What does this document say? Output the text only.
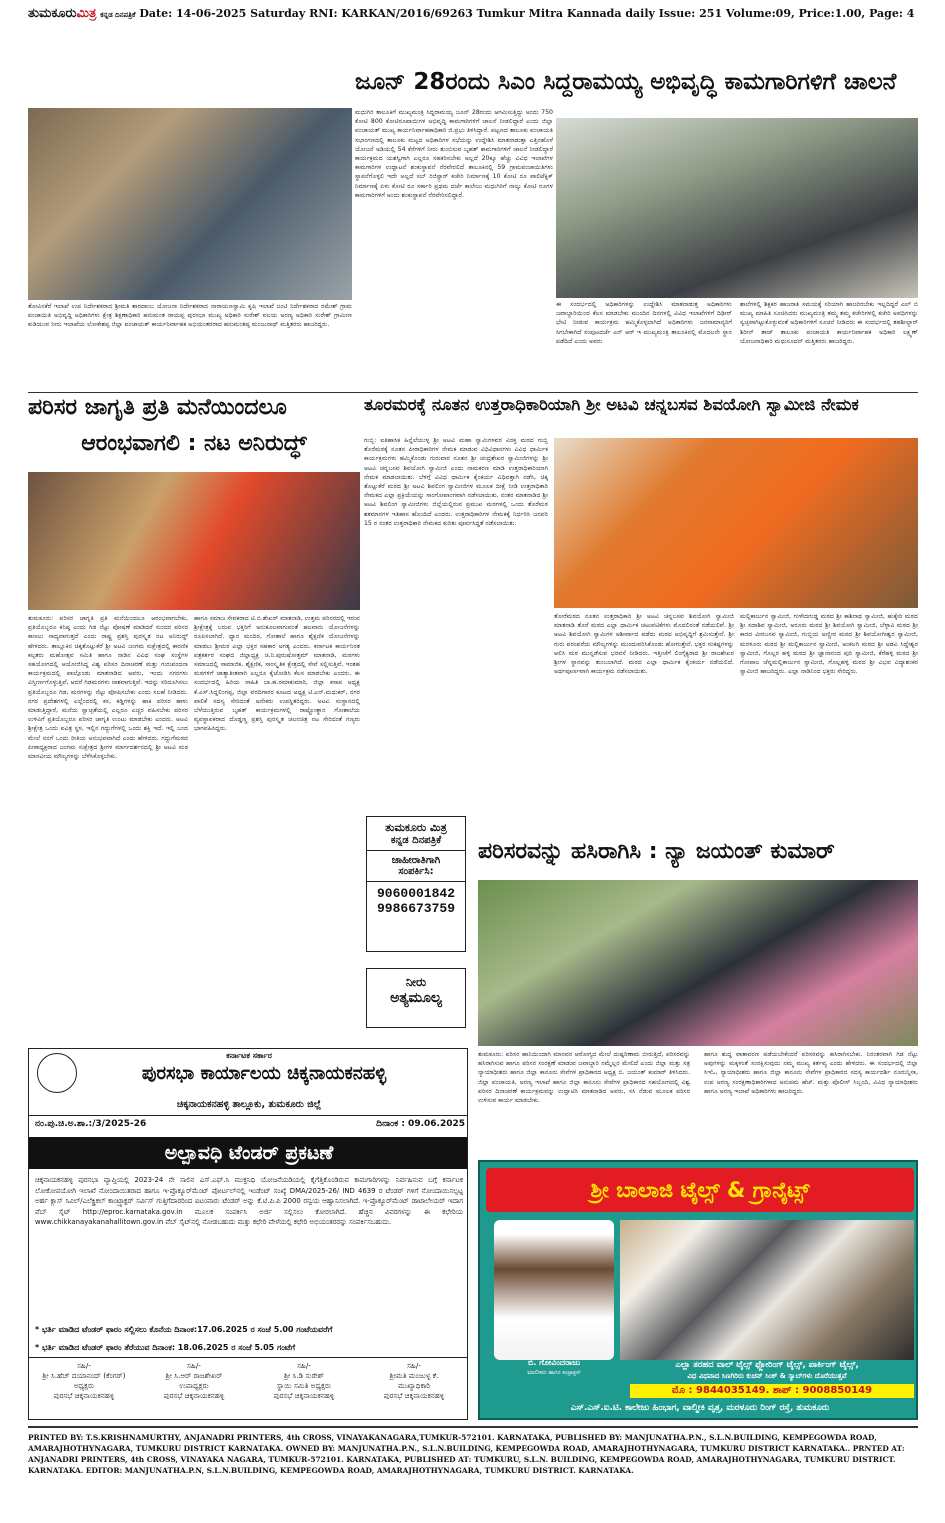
ತುಮಕೂರುಮಿತ್ರ ಕನ್ನಡ ದಿನಪತ್ರಿಕೆ Date: 14-06-2025 Saturday RNI: KARKAN/2016/69263 Tumkur Mitra Kannada daily Issue: 251 Volume:09, Price:1.00, Page: 4
ಜೂನ್ 28ರಂದು ಸಿಎಂ ಸಿದ್ದರಾಮಯ್ಯ ಅಭಿವೃದ್ಧಿ ಕಾಮಗಾರಿಗಳಿಗೆ ಚಾಲನೆ
ತೋವಿನಕೆರೆ ಇಲಾಖೆ ಉಪ ನಿರ್ದೇಶಕರಾದ ಶ್ರೀಮತಿ ಶಾರದಾಂಬ ಯೋಜನಾ ನಿರ್ದೇಶಕರಾದ ನಾರಾಯಣಸ್ವಾಮಿ ಕೃಷಿ ಇಲಾಖೆ ಜಂಟಿ ನಿರ್ದೇಶಕರಾದ ರಮೇಶ್ ಗ್ರಾಮ ಪಂಚಾಯಿತಿ ಅಭಿವೃದ್ಧಿ ಅಧಿಕಾರಿಗಳು ಕ್ಷೇತ್ರ ಶಿಕ್ಷಣಾಧಿಕಾರಿ ಹನುಮಂತ ರಾಯಪ್ಪ ಪುರಸಭಾ ಮುಖ್ಯ ಅಧಿಕಾರಿ ಸುರೇಶ್ ವಲಯ ಅರಣ್ಯ ಅಧಿಕಾರಿ ಸುರೇಶ್ ಗ್ರಾಮೀಣ ಕುಡಿಯುವ ನೀರು ಇಲಾಖೆಯ ಲೋಕೇಶಪ್ಪ ಜಿಲ್ಲಾ ಪಂಚಾಯತ್ ಕಾರ್ಯನಿರ್ವಾಹಕ ಅಭಿಯಂತರರಾದ ಹನುಮಂತಪ್ಪ ಮಂಜುನಾಥ್ ಮತ್ತಿತರರು ಹಾಜರಿದ್ದರು.
ಮಧುಗಿರಿ ತಾಲೂಕಿಗೆ ಮುಖ್ಯಮಂತ್ರಿ ಸಿದ್ದರಾಮಯ್ಯ ಜೂನ್ 28ರಂದು ಆಗಮಿಸುತ್ತಿದ್ದು ಅಂದು 750 ಕೋಟಿ 800 ಕೋಟಿರೂಪಾಯಿಗಳ ಅಭಿವೃದ್ಧಿ ಕಾಮಗಾರಿಗಳಿಗೆ ಚಾಲನೆ ನೀಡಲಿದ್ದಾರೆ ಎಂದು ಜಿಲ್ಲಾ ಪಂಚಾಯತ್ ಮುಖ್ಯ ಕಾರ್ಯನಿರ್ವಾಹಕಾಧಿಕಾರಿ ಜಿ.ಪ್ರಭು ತಿಳಿಸಿದ್ದಾರೆ. ಪಟ್ಟಣದ ತಾಲೂಕು ಪಂಚಾಯತಿ ಸಭಾಂಗಣದಲ್ಲಿ ತಾಲೂಕು ಮಟ್ಟದ ಅಧಿಕಾರಿಗಳ ಸಭೆಯನ್ನು ಉದ್ದೇಶಿಸಿ ಮಾತನಾಡುತ್ತಾ ಎತ್ತಿನಹೊಳೆ ಯೋಜನೆ ಅಡಿಯಲ್ಲಿ 54 ಕೆರೆಗಳಿಗೆ ನೀರು ತುಂಬಿಸುವ ಬೃಹತ್ ಕಾಮಗಾರಿಗಳಿಗೆ ಚಾಲನೆ ನೀಡಲಿದ್ದಾರೆ ಕಾರ್ಯಕ್ರಮದ ಯಶಸ್ವಿಗಾಗಿ ಎಲ್ಲರೂ ಸಹಕರಿಸಬೇಕು ಅಲ್ಲದೆ 20ಕ್ಕೂ ಹೆಚ್ಚು ವಿವಿಧ ಇಲಾಖೆಗಳ ಕಾಮಗಾರಿಗಳ ಉದ್ಘಾಟನೆ ಶಂಕುಸ್ಥಾಪನೆ ನೆರವೇರಲಿದೆ ತಾಲೂಕಿನಲ್ಲಿ 59 ಗ್ರಾಮಪಂಚಾಯಿತಿಗಳು ಸ್ಥಾಪನೆಗೊಳ್ಳಲಿ ಇದೇ ಅಲ್ಲದೆ ಸಬ್ ರಿಜಿಸ್ಟ್ರಾರ್ ಕಚೇರಿ ನಿರ್ಮಾಣಕ್ಕೆ 10 ಕೋಟಿ ರೂ ಪಾಲಿಟೆಕ್ನಿಕ್ ನಿರ್ಮಾಣಕ್ಕೆ ಏಳು ಕೋಟಿ ರೂ ಸರ್ಕಾರಿ ಪ್ರಥಮ ದರ್ಜೆ ಕಾಲೇಜು ಮಧುಗಿರಿಗೆ ನಾಲ್ಕು ಕೋಟಿ ರೂಗಳ ಕಾಮಗಾರಿಗಳಿಗೆ ಅಂದು ಶಂಕುಸ್ಥಾಪನೆ ನೆರವೇರಿಸಲಿದ್ದಾರೆ.
ಈ ಸಂದರ್ಭದಲ್ಲಿ ಅಧಿಕಾರಿಗಳನ್ನು ಉದ್ದೇಶಿಸಿ ಮಾತನಾಡುತ್ತ ಅಧಿಕಾರಿಗಳು ಜವಾಬ್ದಾರಿಯಿಂದ ಕೆಲಸ ಮಾಡಬೇಕು ಮುಂದಿನ ದಿನಗಳಲ್ಲಿ ವಿವಿಧ ಇಲಾಖೆಗಳಿಗೆ ದಿಢೀರ್ ಭೇಟಿ ನೀಡುವ ಕಾರ್ಯಕ್ರಮ ಹಮ್ಮಿಕೊಳ್ಳಲಾಗಿದೆ ಅಧಿಕಾರಿಗಳು ಜನಸಾಮಾನ್ಯರಿಗೆ ಸಿಗಬೇಕಾಗಿದೆ ಸಂಪುಟದರ್ಜೆ ಎನ್ ಆರ್ ಇ ಮುಖ್ಯಮಂತ್ರಿ ತಾಲೂಕಿನಲ್ಲಿ ಮೊದಲನೇ ಸ್ಥಾನ ಪಡೆದಿದೆ ಎಂದು ಅವರು
ಶಾಲೆಗಳಲ್ಲಿ ಶಿಕ್ಷಕರ ಹಾಜರಾತಿ ಸಮಯಕ್ಕೆ ಸರಿಯಾಗಿ ಹಾಜರಿರಬೇಕು ಇಲ್ಲದಿದ್ದರೆ ಎಲ್ ಬಿ ಮುಖ್ಯ ಮಾಹಿತಿ ಸೂಚಿಸಿದರು ಮುಖ್ಯಮಂತ್ರಿ ತಮ್ಮ ತಮ್ಮ ಕಚೇರಿಗಳಲ್ಲಿ ಕಚೇರಿ ಅವಧಿಗಳನ್ನು ಸ್ವಚ್ಛವಾಗಿಟ್ಟುಕೊಳ್ಳುವಂತೆ ಅಧಿಕಾರಿಗಳಿಗೆ ಸೂಚನೆ ನೀಡಿದರು ಈ ಸಂದರ್ಭದಲ್ಲಿ ತಹಶೀಲ್ದಾರ್ ಶಿರೀನ್ ತಾಜ್ ತಾಲೂಕು ಪಂಚಾಯತಿ ಕಾರ್ಯನಿರ್ವಾಹಕ ಅಧಿಕಾರಿ ಲಕ್ಷ್ಮಣ್ ಯೋಜನಾಧಿಕಾರಿ ಮಧುಸೂದನ್ ಮತ್ತಿತರರು ಹಾಜರಿದ್ದರು.
ಪರಿಸರ ಜಾಗೃತಿ ಪ್ರತಿ ಮನೆಯಿಂದಲೂ
ಆರಂಭವಾಗಲಿ : ನಟ ಅನಿರುದ್ಧ್
ತುಮಕೂರು: ಪರಿಸರ ಜಾಗೃತಿ ಪ್ರತಿ ಮನೆಯಿಂದಲೂ ಆರಂಭವಾಗಬೇಕು, ಪ್ರತಿಯೊಬ್ಬರೂ ಕನಿಷ್ಠ ಎಂದು ಗಿಡ ನೆಟ್ಟು ಪೋಷಣೆ ಮಾಡಿದರೆ ಸುಂದರ ಪರಿಸರ ಕಾಣಲು ಸಾಧ್ಯವಾಗುತ್ತದೆ ಎಂದು ರಾಷ್ಟ್ರ ಪ್ರಶಸ್ತಿ ಪುರಸ್ಕೃತ ನಟ ಅನಿರುದ್ಧ್ ಹೇಳಿದರು. ತಾಲ್ಲೂಕಿನ ಚಿಕ್ಕತೊಟ್ಲುಕೆರೆ ಶ್ರೀ ಅಟವಿ ಜಂಗಮ ಸುಕ್ಷೇತ್ರದಲ್ಲಿ ಕಾರಣಿಕ ಕಲ್ಪತರು ಮಹೋತ್ಸವ ಸಮಿತಿ ಹಾಗೂ ನಾಡಿನ ವಿವಿಧ ಸಂಘ ಸಂಸ್ಥೆಗಳ ಸಹಯೋಗದಲ್ಲಿ ಆಯೋಜಿಸಿದ್ದ ವಿಶ್ವ ಪರಿಸರ ದಿನಾಚರಣೆ ಮತ್ತು ಗುರುವಂದನಾ ಕಾರ್ಯಕ್ರಮದಲ್ಲಿ ಪಾಲ್ಗೊಂಡು ಮಾತನಾಡಿದ ಅವರು, ಇಂದು ನಗರಗಳು ವಿಸ್ತೀರ್ಣಗೊಳ್ಳುತ್ತಿವೆ, ಆದರೆ ಗಿಡಮರಗಳು ನಾಶವಾಗುತ್ತಿವೆ. ಇದನ್ನು ಸರಿದೂಗಿಸಲು ಪ್ರತಿಯೊಬ್ಬರೂ ಗಿಡ, ಮರಗಳನ್ನು ನೆಟ್ಟು ಪೋಷಿಸಬೇಕು ಎಂದು ಸಲಹೆ ನೀಡಿದರು. ನಗರ ಪ್ರದೇಶಗಳಲ್ಲಿ ಎಲ್ಲೆಂದರಲ್ಲಿ ಕಸ, ಕಡ್ಡಿಗಳನ್ನು ಹಾಕಿ ಪರಿಸರ ಹಾಳು ಮಾಡುತ್ತಿದ್ದಾರೆ, ಮನೆಯ ಸ್ವಾಚ್ಛತೆಯಲ್ಲಿ ಎಲ್ಲರೂ ಎಚ್ಚರ ವಹಿಸಬೇಕು ಪರಿಸರ ಉಳಿವಿಗೆ ಪ್ರತಿಯೊಬ್ಬರೂ ಪರಿಸರ ಜಾಗೃತಿ ಉಂಟು ಮಾಡಬೇಕು ಎಂದರು. ಅಟವಿ ಶ್ರೀಕ್ಷೇತ್ರ ಒಂದು ಪವಿತ್ರ ಸ್ಥಳ, ಇಲ್ಲಿನ ಗದ್ದುಗೆಗಳಲ್ಲಿ ಒಂದು ಶಕ್ತಿ ಇದೆ. ಇಲ್ಲಿ ಬಂದ ಮೇಲೆ ನನಗೆ ಒಂದು ರೀತಿಯ ಅನುಭವವಾಗಿದೆ ಎಂದು ಹೇಳಿದರು. ಗದ್ದುಗೆಮಠದ ಪೀಠಾಧ್ಯಕ್ಷರಾದ ಜಂಗಮ ಸುಕ್ಷೇತ್ರದ ಶ್ರೀಗಳ ಮಾರ್ಗದರ್ಶನದಲ್ಲಿ ಶ್ರೀ ಅಟವಿ ಮಠ ಮಾನವೀಯ ಮೌಲ್ಯಗಳನ್ನು ಬೆಳೆಸಿಕೊಳ್ಳಬೇಕು.
ಹಾಗೂ ಸಮಾಜ ಸೇವಕರಾದ ಟಿ.ಬಿ.ಶೇಖರ್ ಮಾತನಾಡಿ, ಉತ್ತಮ ಪರಿಸರದಲ್ಲಿ ಇರುವ ಶ್ರೀಕ್ಷೇತ್ರಕ್ಕೆ ಬರುವ ಭಕ್ತರಿಗೆ ಅನುಕೂಲವಾಗುವಂತೆ ಹಲವಾರು ಯೋಜನೆಗಳನ್ನು ರೂಪಿಸಲಾಗಿದೆ. ಧ್ಯಾನ ಮಂದಿರ, ಗೋಶಾಲೆ ಹಾಗೂ ಶೈಕ್ಷಣಿಕ ಯೋಜನೆಗಳನ್ನು ಮಾಡಲು ಶ್ರೀಮಠ ಎಲ್ಲಾ ಭಕ್ತರ ಸಹಕಾರ ಅಗತ್ಯ ಎಂದರು. ಕರ್ನಾಟಕ ಕಾರ್ಯನಿರತ ಪತ್ರಕರ್ತರ ಸಂಘದ ಜಿಲ್ಲಾಧ್ಯಕ್ಷ ಚಿ.ನಿ.ಪುರುಷೋತ್ತಮ್ ಮಾತನಾಡಿ, ಮಠಗಳು ಸಮಾಜದಲ್ಲಿ ಸಾಮಾಜಿಕ, ಶೈಕ್ಷಣಿಕ, ಸಾಂಸ್ಕೃತಿಕ ಕ್ಷೇತ್ರದಲ್ಲಿ ಸೇವೆ ಸಲ್ಲಿಸುತ್ತಿವೆ, ಇಂತಹ ಮಠಗಳಿಗೆ ಜಾತ್ಯಾತೀತವಾಗಿ ಎಲ್ಲರೂ ಕೈಜೋಡಿಸಿ ಕೆಲಸ ಮಾಡಬೇಕು ಎಂದರು. ಈ ಸಂದರ್ಭದಲ್ಲಿ ಹಿರಿಯ ಸಾಹಿತಿ ಬಾ.ಹ.ರಮಾಕುಮಾರಿ, ಜಿಲ್ಲಾ ಕಸಾಪ ಅಧ್ಯಕ್ಷ ಕೆ.ಎಸ್.ಸಿದ್ದಲಿಂಗಪ್ಪ, ಜಿಲ್ಲಾ ವರದಿಗಾರರ ಕೂಟದ ಅಧ್ಯಕ್ಷ ಟಿ.ಎನ್.ಮಧುಕರ್, ನಗರ ಪಾಲಿಕೆ ಸದಸ್ಯ ಸೇರಿದಂತೆ ಅನೇಕರು ಉಪಸ್ಥಿತರಿದ್ದರು. ಅಟವಿ ಸಂಸ್ಥಾನದಲ್ಲಿ ಬೆಳೆಯುತ್ತಿರುವ ಬೃಹತ್ ಕಾರ್ಯಕ್ರಮಗಳಲ್ಲಿ ರಾಷ್ಟ್ರೋತ್ಥಾನ ಗೋಶಾಲೆಯ ವ್ಯವಸ್ಥಾಪಕರಾದ ದೊಡ್ಡಣ್ಣ ಪ್ರಶಸ್ತಿ ಪುರಸ್ಕೃತ ಚಲನಚಿತ್ರ ನಟ ಸೇರಿದಂತೆ ಗಣ್ಯರು ಭಾಗವಹಿಸಿದ್ದರು.
ತೂರಮರಕ್ಕೆ ನೂತನ ಉತ್ತರಾಧಿಕಾರಿಯಾಗಿ ಶ್ರೀ ಅಟವಿ ಚನ್ನಬಸವ ಶಿವಯೋಗಿ ಸ್ವಾಮೀಜಿ ನೇಮಕ
ಗುಬ್ಬಿ: ಐತಿಹಾಸಿಕ ಹಿನ್ನೆಲೆಯುಳ್ಳ ಶ್ರೀ ಅಟವಿ ಮಹಾ ಸ್ವಾಮಿಗಳವರ ವಿರಕ್ತ ಮಠದ ಗುಬ್ಬಿ ತೊರೆಮಠಕ್ಕೆ ನೂತನ ಪೀಠಾಧಿಕಾರಿಗಳ ನೇಮಕ ಮಾಡುವ ವಿಧಿವಿಧಾನಗಳು ವಿವಿಧ ಧಾರ್ಮಿಕ ಕಾರ್ಯಕ್ರಮಗಳು ಹಮ್ಮಿಕೊಂಡು ಗುರುವಾರ ನೂತನ ಶ್ರೀ ಚಂದ್ರಶೇಖರ ಸ್ವಾಮೀಜಿಗಳನ್ನು ಶ್ರೀ ಅಟವಿ ಚನ್ನಬಸವ ಶಿವಯೋಗಿ ಸ್ವಾಮೀಜಿ ಎಂದು ನಾಮಕರಣ ಮಾಡಿ ಉತ್ತರಾಧಿಕಾರಿಯಾಗಿ ನೇಮಕ ಮಾಡಲಾಯಿತು. ಬೆಳಿಗ್ಗೆ ವಿವಿಧ ಧಾರ್ಮಿಕ ಕೈಂಕರ್ಯ ವಿಧಿವತ್ತಾಗಿ ನಡೆಸಿ, ಚಿಕ್ಕ ತೊಟ್ಲುಕೆರೆ ಮಠದ ಶ್ರೀ ಅಟವಿ ಶಿವಲಿಂಗ ಸ್ವಾಮೀಜಿಗಳ ಮೂಲಕ ದೀಕ್ಷೆ ನೀಡಿ ಉತ್ತರಾಧಿಕಾರಿ ನೇಮಕದ ಎಲ್ಲಾ ಪ್ರಕ್ರಿಯೆಯನ್ನು ಸಾಂಗೋಪಾಂಗವಾಗಿ ನಡೆಸಲಾಯಿತು. ನಂತರ ಮಾತನಾಡಿದ ಶ್ರೀ ಅಟವಿ ಶಿವಲಿಂಗ ಸ್ವಾಮೀಜಿಗಳು ಜಿಲ್ಲೆಯಲ್ಲಿರುವ ಪ್ರಮುಖ ಮಠಗಳಲ್ಲಿ ಒಂದು ತೊರೆಮಠ ಶತಮಾನಗಳ ಇತಿಹಾಸ ಹೊಂದಿದೆ ಎಂದರು. ಉತ್ತರಾಧಿಕಾರಿಗಳ ನೇಮಕಕ್ಕೆ ನಿರ್ಧರಿಸಿ ಜನವರಿ 15 ರ ನಂತರ ಉತ್ತರಾಧಿಕಾರಿ ನೇಮಕದ ಕುರಿತು ಪೂರ್ವಸಿದ್ಧತೆ ನಡೆಸಲಾಯಿತು.
ತೋರೆಮಠದ ನೂತನ ಉತ್ತರಾಧಿಕಾರಿ ಶ್ರೀ ಅಟವಿ ಚನ್ನಬಸವ ಶಿವಯೋಗಿ ಸ್ವಾಮೀಜಿ ಮಾತನಾಡಿ ತೊರೆ ಮಠದ ಎಲ್ಲಾ ಧಾರ್ಮಿಕ ಚಟುವಟಿಕೆಗಳು ಮೊದಲಿನಂತೆ ನಡೆಯಲಿವೆ. ಶ್ರೀ ಅಟವಿ ಶಿವಯೋಗಿ ಸ್ವಾಮಿಗಳ ಆಶೀರ್ವಾದ ಪಡೆದು ಮಠದ ಅಭಿವೃದ್ಧಿಗೆ ಶ್ರಮಿಸುತ್ತೇನೆ. ಶ್ರೀ ಗುರು ಪರಂಪರೆಯ ಮೌಲ್ಯಗಳನ್ನು ಮುಂದುವರಿಸಿಕೊಂಡು ಹೋಗುತ್ತೇನೆ. ಭಕ್ತರ ಸಂಕಷ್ಟಗಳನ್ನು ಆಲಿಸಿ ಮಠ ಮುನ್ನಡೆಸುವ ಭರವಸೆ ನೀಡಿದರು. ಇತ್ತೀಚೆಗೆ ಲಿಂಗೈಕ್ಯರಾದ ಶ್ರೀ ರಾಜಶೇಖರ ಶ್ರೀಗಳ ಸ್ಥಾನವನ್ನು ತುಂಬಲಾಗಿದೆ. ಮಠದ ಎಲ್ಲಾ ಧಾರ್ಮಿಕ ಕೈಂಕರ್ಯ ನಡೆಯಲಿದೆ. ಅರ್ಥಪೂರ್ಣವಾಗಿ ಕಾರ್ಯಕ್ರಮ ನಡೆಸಲಾಯಿತು.
ಮಲ್ಲಿಕಾರ್ಜುನ ಸ್ವಾಮೀಜಿ, ಗುಳೇದಗುಡ್ಡ ಮಠದ ಶ್ರೀ ಕಾಶಿನಾಥ ಸ್ವಾಮೀಜಿ, ಹುಕ್ಕೇರಿ ಮಠದ ಶ್ರೀ ಸದಾಶಿವ ಸ್ವಾಮೀಜಿ, ಅರೂರು ಮಠದ ಶ್ರೀ ಶಿವಯೋಗಿ ಸ್ವಾಮೀಜಿ, ಬೆಳ್ಳಾವಿ ಮಠದ ಶ್ರೀ ಕಾರದ ವೀರಬಸವ ಸ್ವಾಮೀಜಿ, ಗುಬ್ಬಿಯ ಅಣ್ಣೀರ ಮಠದ ಶ್ರೀ ಶಿವಯೋಗೀಶ್ವರ ಸ್ವಾಮೀಜಿ, ಮರಳೂರು ಮಠದ ಶ್ರೀ ಮಲ್ಲಿಕಾರ್ಜುನ ಸ್ವಾಮೀಜಿ, ಅಂಕಲಗಿ ಮಠದ ಶ್ರೀ ಅಡವಿ ಸಿದ್ದೇಶ್ವರ ಸ್ವಾಮೀಜಿ, ಗೊಲ್ಲರ ಹಳ್ಳಿ ಮಠದ ಶ್ರೀ ಜ್ಞಾನಾನಂದ ಪುರಿ ಸ್ವಾಮೀಜಿ, ಕೆರೆಹಳ್ಳಿ ಮಠದ ಶ್ರೀ ಗೋಪಾಲ ಚೆನ್ನಮಲ್ಲಿಕಾರ್ಜುನ ಸ್ವಾಮೀಜಿ, ಗೊಲ್ಲಹಳ್ಳಿ ಮಠದ ಶ್ರೀ ವಿಭವ ವಿದ್ಯಾಶಂಕರ ಸ್ವಾಮೀಜಿ ಹಾಜರಿದ್ದರು. ಎಲ್ಲಾ ನಾಡಿನಿಂದ ಭಕ್ತರು ಸೇರಿದ್ದರು.
ತುಮಕೂರು ಮಿತ್ರ
ಕನ್ನಡ ದಿನಪತ್ರಿಕೆ
ಜಾಹೀರಾತಿಗಾಗಿ
ಸಂಪರ್ಕಿಸಿ:
9060001842
9986673759
ನೀರು
ಅತ್ಯಮೂಲ್ಯ
ಪರಿಸರವನ್ನು ಹಸಿರಾಗಿಸಿ : ನ್ಯಾ ಜಯಂತ್ ಕುಮಾರ್
ತುಮಕೂರು: ಪರಿಸರ ಹಾನಿಯಿಂದಾಗಿ ಮಾನವನ ಆರೋಗ್ಯದ ಮೇಲೆ ದುಷ್ಪರಿಣಾಮ ಬೀರುತ್ತಿದೆ, ಪರಿಸರವನ್ನು ಹಸಿರಾಗಿಸುವ ಹಾಗೂ ಪರಿಸರ ಸಂರಕ್ಷಣೆ ಮಾಡುವ ಜವಾಬ್ದಾರಿ ನಮ್ಮೆಲ್ಲರ ಮೇಲಿದೆ ಎಂದು ಜಿಲ್ಲಾ ಮತ್ತು ಸತ್ರ ನ್ಯಾಯಾಧೀಶರು ಹಾಗೂ ಜಿಲ್ಲಾ ಕಾನೂನು ಸೇವೆಗಳ ಪ್ರಾಧಿಕಾರದ ಅಧ್ಯಕ್ಷ ಬಿ. ಜಯಂತ್ ಕುಮಾರ್ ತಿಳಿಸಿದರು. ಜಿಲ್ಲಾ ಪಂಚಾಯತಿ, ಅರಣ್ಯ ಇಲಾಖೆ ಹಾಗೂ ಜಿಲ್ಲಾ ಕಾನೂನು ಸೇವೆಗಳ ಪ್ರಾಧಿಕಾರದ ಸಹಯೋಗದಲ್ಲಿ ವಿಶ್ವ ಪರಿಸರ ದಿನಾಚರಣೆ ಕಾರ್ಯಕ್ರಮವನ್ನು ಉದ್ಘಾಟಿಸಿ ಮಾತನಾಡಿದ ಅವರು, ಸಸಿ ನೆಡುವ ಮೂಲಕ ಪರಿಸರ ಉಳಿಸುವ ಕಾರ್ಯ ಮಾಡಬೇಕು.
ಹಾಗೂ ಶುದ್ಧ ವಾತಾವರಣ ಪಡೆಯಬೇಕೆಂದರೆ ಪರಿಸರವನ್ನು ಹಸಿರಾಗಿಸಬೇಕು. ನಿರಂತರವಾಗಿ ಗಿಡ ನೆಟ್ಟು ಅವುಗಳನ್ನು ಮಕ್ಕಳಂತೆ ಸಂರಕ್ಷಿಸುವುದು ನಮ್ಮ ಮುಖ್ಯ ಕರ್ತವ್ಯ ಎಂದು ಹೇಳಿದರು. ಈ ಸಂದರ್ಭದಲ್ಲಿ ಜಿಲ್ಲಾ ಸಿಇಓ, ನ್ಯಾಯಾಧೀಶರು ಹಾಗೂ ಜಿಲ್ಲಾ ಕಾನೂನು ಸೇವೆಗಳ ಪ್ರಾಧಿಕಾರದ ಸದಸ್ಯ ಕಾರ್ಯದರ್ಶಿ ನೂರುನ್ನಿಸಾ, ಉಪ ಅರಣ್ಯ ಸಂರಕ್ಷಣಾಧಿಕಾರಿಗಳಾದ ಅನುಪಮ ಹೆಚ್. ಮತ್ತು ಪೊಲೀಸ್ ಸಿಬ್ಬಂದಿ, ವಿವಿಧ ನ್ಯಾಯಾಧೀಶರು ಹಾಗೂ ಅರಣ್ಯ ಇಲಾಖೆ ಅಧಿಕಾರಿಗಳು ಹಾಜರಿದ್ದರು.
ಕರ್ನಾಟಕ ಸರ್ಕಾರ
ಪುರಸಭಾ ಕಾರ್ಯಾಲಯ ಚಿಕ್ಕನಾಯಕನಹಳ್ಳಿ
ಚಿಕ್ಕನಾಯಕನಹಳ್ಳಿ ತಾಲ್ಲೂಕು, ತುಮಕೂರು ಜಿಲ್ಲೆ
ನಂ.ಪು.ಚಿ.ಅ.ಶಾ.:/3/2025-26	ದಿನಾಂಕ : 09.06.2025
ಅಲ್ಪಾವಧಿ ಟೆಂಡರ್ ಪ್ರಕಟಣೆ
ಚಿಕ್ಕನಾಯಕನಹಳ್ಳಿ ಪುರಸಭಾ ವ್ಯಾಪ್ತಿಯಲ್ಲಿ 2023-24 ನೇ ಸಾಲಿನ ಎಸ್.ಎಫ್.ಸಿ ಮುಕ್ತನಿಧಿ ಯೋಜನೆಯಡಿಯಲ್ಲಿ ಕೈಗೆತ್ತಿಕೊಂಡಿರುವ ಕಾಮಗಾರಿಗಳನ್ನು ನಿರ್ವಹಿಸುವ ಬಗ್ಗೆ ಕರ್ನಾಟಕ ಲೋಕೋಪಯೋಗಿ ಇಲಾಖೆ ನೋಂದಾಯಿತರಾದ ಹಾಗೂ ಇ-ಪ್ರೊಕ್ಯೂರ್‌ಮೆಂಟ್ ಪೋರ್ಟಲ್‌ನಲ್ಲಿ ಇಂಡೆಂಟ್ ಸಂಖ್ಯೆ DMA/2025-26/ IND 4639 ರ ಟೆಂಡರ್ ಗಳಿಗೆ ನೋಂದಾಯಿಸಲ್ಪಟ್ಟ ಅರ್ಹ ಕ್ಲಾಸ್ ಸಿವಿಲ್/ಎಲೆಕ್ಟ್ರಿಕಲ್ ಕಾಂಟ್ರ್ಯಾಕ್ಟರ್ ಸರ್ವಿಸ್ ಗುತ್ತಿಗೆದಾರರಿಂದ ಐಟಂವಾರು ಟೆಂಡರ್ ಅನ್ನು ಕೆ.ಟಿ.ಪಿ.ಪಿ 2000 ರನ್ವಯ ಆಹ್ವಾನಿಸಲಾಗಿದೆ. ಇ-ಪ್ರೊಕ್ಯೂರ್‌ಮೆಂಟ್ ಡಾಟಾಲೇಯರ್ ಇದಾಗ ವೆಬ್ ಸೈಟ್ http://eproc.karnataka.gov.in ಮೂಲಕ ಸಂಪರ್ಕಿಸಿ ಅರ್ಜಿ ಸಲ್ಲಿಸಲು ಕೋರಲಾಗಿದೆ. ಹೆಚ್ಚಿನ ವಿವರಗಳನ್ನು ಈ ಕಛೇರಿಯ www.chikkanayakanahallitown.gov.in ವೆಬ್ ಸೈಟ್‌ನಲ್ಲಿ ನೋಡಬಹುದು ಮತ್ತು ಕಛೇರಿ ವೇಳೆಯಲ್ಲಿ ಕಛೇರಿ ಅಭಿಯಂತರರನ್ನು ಸಂಪರ್ಕಿಸಬಹುದು.
* ಭರ್ತಿ ಮಾಡಿದ ಟೆಂಡರ್ ಫಾರಂ ಸಲ್ಲಿಸಲು ಕೊನೆಯ ದಿನಾಂಕ:17.06.2025 ರ ಸಂಜೆ 5.00 ಗಂಟೆಯವರೆಗೆ
* ಭರ್ತಿ ಮಾಡಿದ ಟೆಂಡರ್ ಫಾರಂ ತೆರೆಯುವ ದಿನಾಂಕ: 18.06.2025 ರ ಸಂಜೆ 5.05 ಗಂಟೆಗೆ
ಸಹಿ/-
ಶ್ರೀ ಸಿ.ಹೆಚ್ ದಯಾನಂದ್ (ಕೆಂಗರ್)
ಅಧ್ಯಕ್ಷರು
ಪುರಸಭೆ ಚಿಕ್ಕನಾಯಕನಹಳ್ಳಿ
ಸಹಿ/-
ಶ್ರೀ ಸಿ.ಆರ್ ರಾಜಶೇಖರ್
ಉಪಾಧ್ಯಕ್ಷರು
ಪುರಸಭೆ ಚಿಕ್ಕನಾಯಕನಹಳ್ಳಿ
ಸಹಿ/-
ಶ್ರೀ ಸಿ.ಡಿ ಸುರೇಶ್
ಸ್ಥಾಯಿ ಸಮಿತಿ ಅಧ್ಯಕ್ಷರು
ಪುರಸಭೆ ಚಿಕ್ಕನಾಯಕನಹಳ್ಳಿ
ಸಹಿ/-
ಶ್ರೀಮತಿ ಮಂಜುಳ್ಳ ಕೆ.
ಮುಖ್ಯಾಧಿಕಾರಿ
ಪುರಸಭೆ ಚಿಕ್ಕನಾಯಕನಹಳ್ಳಿ
ಶ್ರೀ ಬಾಲಾಜಿ ಟೈಲ್ಸ್ & ಗ್ರಾನೈಟ್ಸ್
ಬಿ. ಗೋವಿಂದರಾಜು
ಮಾಲೀಕರು ಹಾಗೂ ಕಂಟ್ರಾಕ್ಟರ್
ಎಲ್ಲಾ ತರಹದ ವಾಲ್ ಟೈಲ್ಸ್ ಫ್ಲೋರಿಂಗ್ ಟೈಲ್ಸ್, ಪಾರ್ಕಿಂಗ್ ಟೈಲ್ಸ್,
ವಿಧ ವಿಧವಾದ ಸಿಣಗಿರಿರು ಕುಚನ್ ಸಿಂಕ್ & ಸ್ಯಾಬ್‌ಗಳು ದೊರೆಯುತ್ತವೆ
ಮೊ : 9844035149. ಶಾಪ್ : 9008850149
ಎಸ್.ಎಸ್.ಐ.ಟಿ. ಕಾಲೇಜು ಹಿಂಭಾಗ, ವಾಲ್ಮೀಕಿ ವೃತ್ತ, ಮರಳೂರು ರಿಂಗ್ ರಸ್ತೆ, ತುಮಕೂರು
PRINTED BY: T.S.KRISHNAMURTHY, ANJANADRI PRINTERS, 4th CROSS, VINAYAKANAGARA,TUMKUR-572101. KARNATAKA, PUBLISHED BY: MANJUNATHA.P.N., S.L.N.BUILDING, KEMPEGOWDA ROAD, AMARAJHOTHYNAGARA, TUMKURU DISTRICT KARNATAKA. OWNED BY: MANJUNATHA.P.N., S.L.N.BUILDING, KEMPEGOWDA ROAD, AMARAJHOTHYNAGARA, TUMKURU DISTRICT KARNATAKA.. PRNTED AT: ANJANADRI PRINTERS, 4th CROSS, VINAYAKA NAGARA, TUMKUR-572101. KARNATAKA, PUBLISHED AT: TUMKURU, S.L.N. BUILDING, KEMPEGOWDA ROAD, AMARAJHOTHYNAGARA, TUMKURU DISTRICT. KARNATAKA. EDITOR: MANJUNATHA.P.N, S.L.N.BUILDING, KEMPEGOWDA ROAD, AMARAJHOTHYNAGARA, TUMKURU DISTRICT. KARNATAKA.
